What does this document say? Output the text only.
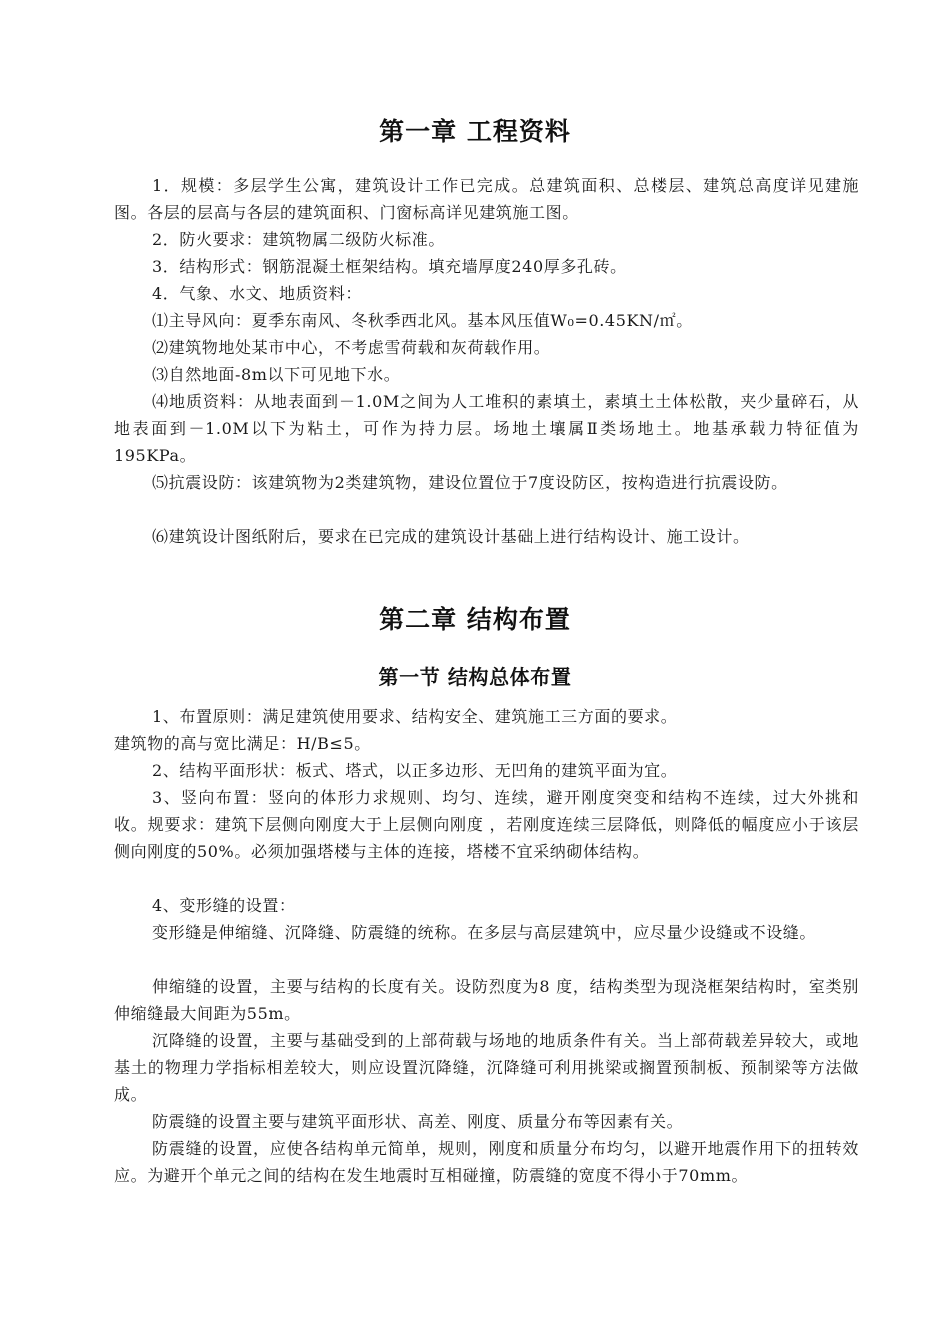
第一章 工程资料
1．规模：多层学生公寓，建筑设计工作已完成。总建筑面积、总楼层、建筑总高度详见建施图。各层的层高与各层的建筑面积、门窗标高详见建筑施工图。
2．防火要求：建筑物属二级防火标准。
3．结构形式：钢筋混凝土框架结构。填充墙厚度240厚多孔砖。
4．气象、水文、地质资料：
⑴主导风向：夏季东南风、冬秋季西北风。基本风压值W₀=0.45KN/㎡。
⑵建筑物地处某市中心，不考虑雪荷载和灰荷载作用。
⑶自然地面-8m以下可见地下水。
⑷地质资料：从地表面到－1.0M之间为人工堆积的素填土，素填土土体松散，夹少量碎石，从地表面到－1.0M以下为粘土，可作为持力层。场地土壤属Ⅱ类场地土。地基承载力特征值为195KPa。
⑸抗震设防：该建筑物为2类建筑物，建设位置位于7度设防区，按构造进行抗震设防。
⑹建筑设计图纸附后，要求在已完成的建筑设计基础上进行结构设计、施工设计。
第二章 结构布置
第一节 结构总体布置
1、布置原则：满足建筑使用要求、结构安全、建筑施工三方面的要求。
建筑物的高与宽比满足：H/B≤5。
2、结构平面形状：板式、塔式，以正多边形、无凹角的建筑平面为宜。
3、竖向布置：竖向的体形力求规则、均匀、连续，避开刚度突变和结构不连续，过大外挑和收。规要求：建筑下层侧向刚度大于上层侧向刚度 ，若刚度连续三层降低，则降低的幅度应小于该层侧向刚度的50%。必须加强塔楼与主体的连接，塔楼不宜采纳砌体结构。
4、变形缝的设置：
变形缝是伸缩缝、沉降缝、防震缝的统称。在多层与高层建筑中，应尽量少设缝或不设缝。
伸缩缝的设置，主要与结构的长度有关。设防烈度为8 度，结构类型为现浇框架结构时，室类别伸缩缝最大间距为55m。
沉降缝的设置，主要与基础受到的上部荷载与场地的地质条件有关。当上部荷载差异较大，或地基土的物理力学指标相差较大，则应设置沉降缝，沉降缝可利用挑梁或搁置预制板、预制梁等方法做成。
防震缝的设置主要与建筑平面形状、高差、刚度、质量分布等因素有关。
防震缝的设置，应使各结构单元简单，规则，刚度和质量分布均匀，以避开地震作用下的扭转效应。为避开个单元之间的结构在发生地震时互相碰撞，防震缝的宽度不得小于70mm。
